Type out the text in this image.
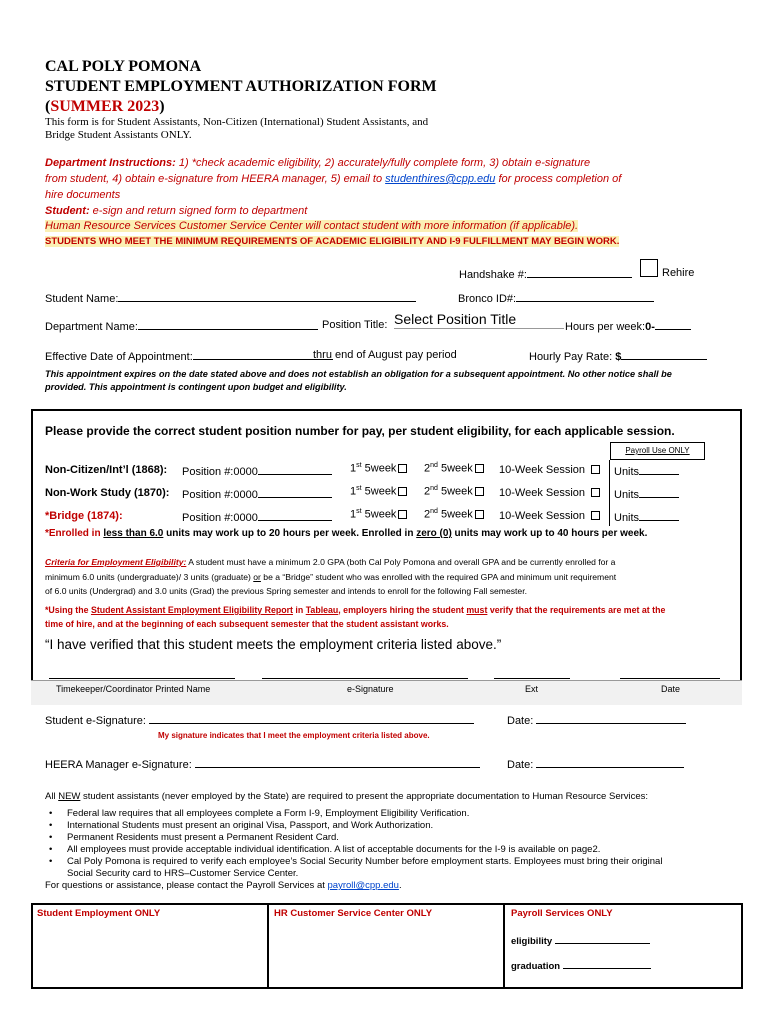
CAL POLY POMONA
STUDENT EMPLOYMENT AUTHORIZATION FORM
(SUMMER 2023)
This form is for Student Assistants, Non-Citizen (International) Student Assistants, and
Bridge Student Assistants ONLY.
Department Instructions: 1) *check academic eligibility, 2) accurately/fully complete form, 3) obtain e-signature
from student, 4) obtain e-signature from HEERA manager, 5) email to studenthires@cpp.edu for process completion of
hire documents
Student: e-sign and return signed form to department
Human Resource Services Customer Service Center will contact student with more information (if applicable).
STUDENTS WHO MEET THE MINIMUM REQUIREMENTS OF ACADEMIC ELIGIBILITY AND I-9 FULFILLMENT MAY BEGIN WORK.
Handshake #:	Rehire
Student Name:	Bronco ID#:
Department Name:	Position Title: Select Position Title	Hours per week:0-
Effective Date of Appointment:	thru end of August pay period	Hourly Pay Rate: $
This appointment expires on the date stated above and does not establish an obligation for a subsequent appointment. No other notice shall be
provided. This appointment is contingent upon budget and eligibility.
Please provide the correct student position number for pay, per student eligibility, for each applicable session.
Payroll Use ONLY
Non-Citizen/Int’l (1868): Position #:0000	1st 5week	2nd 5week	10-Week Session	Units
Non-Work Study (1870): Position #:0000	1st 5week	2nd 5week	10-Week Session	Units
*Bridge (1874):	Position #:0000	1st 5week	2nd 5week	10-Week Session	Units
*Enrolled in less than 6.0 units may work up to 20 hours per week. Enrolled in zero (0) units may work up to 40 hours per week.
Criteria for Employment Eligibility: A student must have a minimum 2.0 GPA (both Cal Poly Pomona and overall GPA and be currently enrolled for a
minimum 6.0 units (undergraduate)/ 3 units (graduate) or be a “Bridge” student who was enrolled with the required GPA and minimum unit requirement
of 6.0 units (Undergrad) and 3.0 units (Grad) the previous Spring semester and intends to enroll for the following Fall semester.
*Using the Student Assistant Employment Eligibility Report in Tableau, employers hiring the student must verify that the requirements are met at the
time of hire, and at the beginning of each subsequent semester that the student assistant works.
“I have verified that this student meets the employment criteria listed above.”
Timekeeper/Coordinator Printed Name	e-Signature	Ext	Date
Student e-Signature:	Date:
My signature indicates that I meet the employment criteria listed above.
HEERA Manager e-Signature:	Date:
All NEW student assistants (never employed by the State) are required to present the appropriate documentation to Human Resource Services:
• Federal law requires that all employees complete a Form I-9, Employment Eligibility Verification.
• International Students must present an original Visa, Passport, and Work Authorization.
• Permanent Residents must present a Permanent Resident Card.
• All employees must provide acceptable individual identification. A list of acceptable documents for the I-9 is available on page2.
• Cal Poly Pomona is required to verify each employee’s Social Security Number before employment starts. Employees must bring their original
Social Security card to HRS–Customer Service Center.
For questions or assistance, please contact the Payroll Services at payroll@cpp.edu.
Student Employment ONLY	HR Customer Service Center ONLY	Payroll Services ONLY
eligibility
graduation
